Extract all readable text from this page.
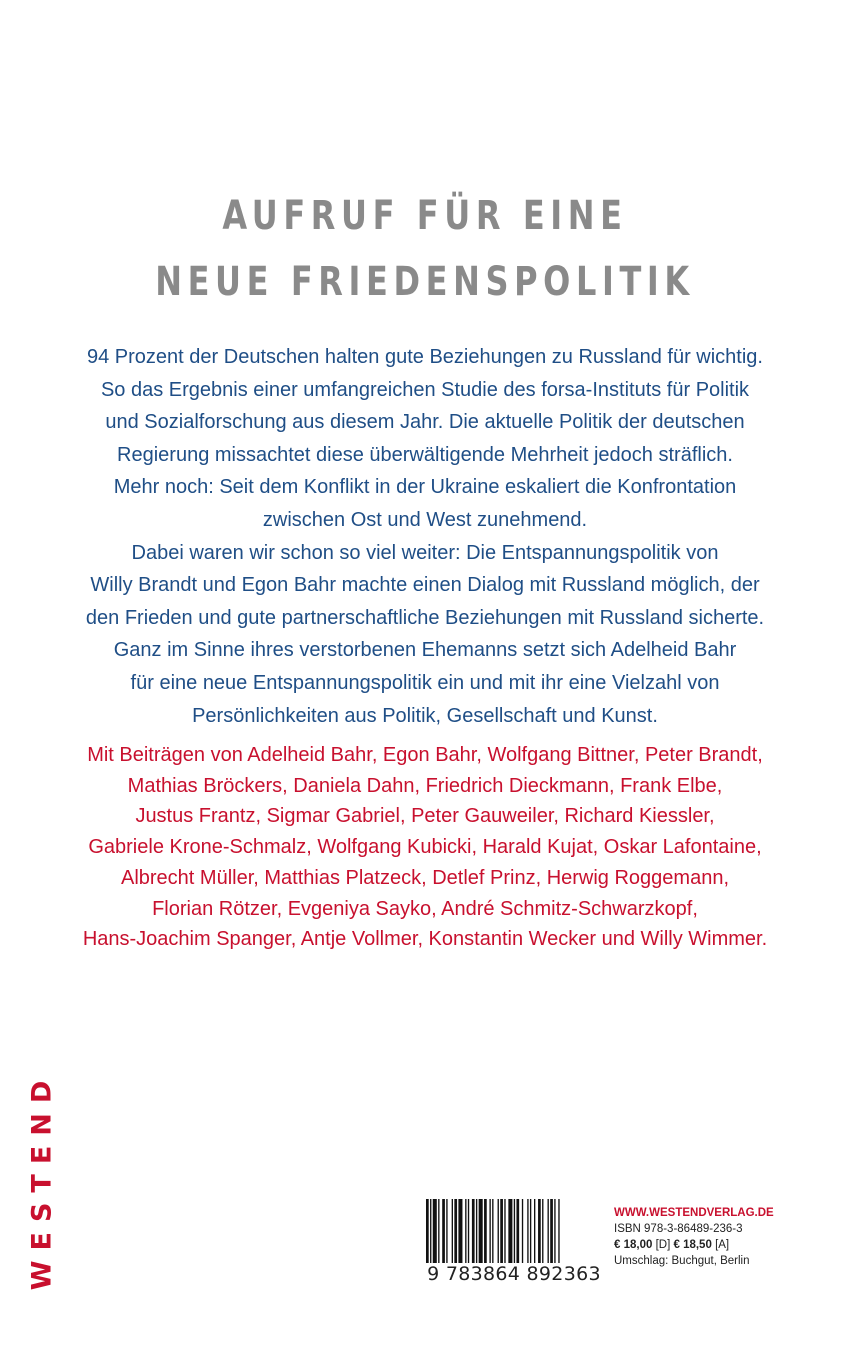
AUFRUF FÜR EINE
NEUE FRIEDENSPOLITIK
94 Prozent der Deutschen halten gute Beziehungen zu Russland für wichtig.
So das Ergebnis einer umfangreichen Studie des forsa-Instituts für Politik
und Sozialforschung aus diesem Jahr. Die aktuelle Politik der deutschen
Regierung missachtet diese überwältigende Mehrheit jedoch sträflich.
Mehr noch: Seit dem Konflikt in der Ukraine eskaliert die Konfrontation
zwischen Ost und West zunehmend.
Dabei waren wir schon so viel weiter: Die Entspannungspolitik von
Willy Brandt und Egon Bahr machte einen Dialog mit Russland möglich, der
den Frieden und gute partnerschaftliche Beziehungen mit Russland sicherte.
Ganz im Sinne ihres verstorbenen Ehemanns setzt sich Adelheid Bahr
für eine neue Entspannungspolitik ein und mit ihr eine Vielzahl von
Persönlichkeiten aus Politik, Gesellschaft und Kunst.
Mit Beiträgen von Adelheid Bahr, Egon Bahr, Wolfgang Bittner, Peter Brandt,
Mathias Bröckers, Daniela Dahn, Friedrich Dieckmann, Frank Elbe,
Justus Frantz, Sigmar Gabriel, Peter Gauweiler, Richard Kiessler,
Gabriele Krone-Schmalz, Wolfgang Kubicki, Harald Kujat, Oskar Lafontaine,
Albrecht Müller, Matthias Platzeck, Detlef Prinz, Herwig Roggemann,
Florian Rötzer, Evgeniya Sayko, André Schmitz-Schwarzkopf,
Hans-Joachim Spanger, Antje Vollmer, Konstantin Wecker und Willy Wimmer.
WESTEND	9 783864 892363
WWW.WESTENDVERLAG.DE
ISBN 978-3-86489-236-3
€ 18,00 [D] € 18,50 [A]
Umschlag: Buchgut, Berlin
